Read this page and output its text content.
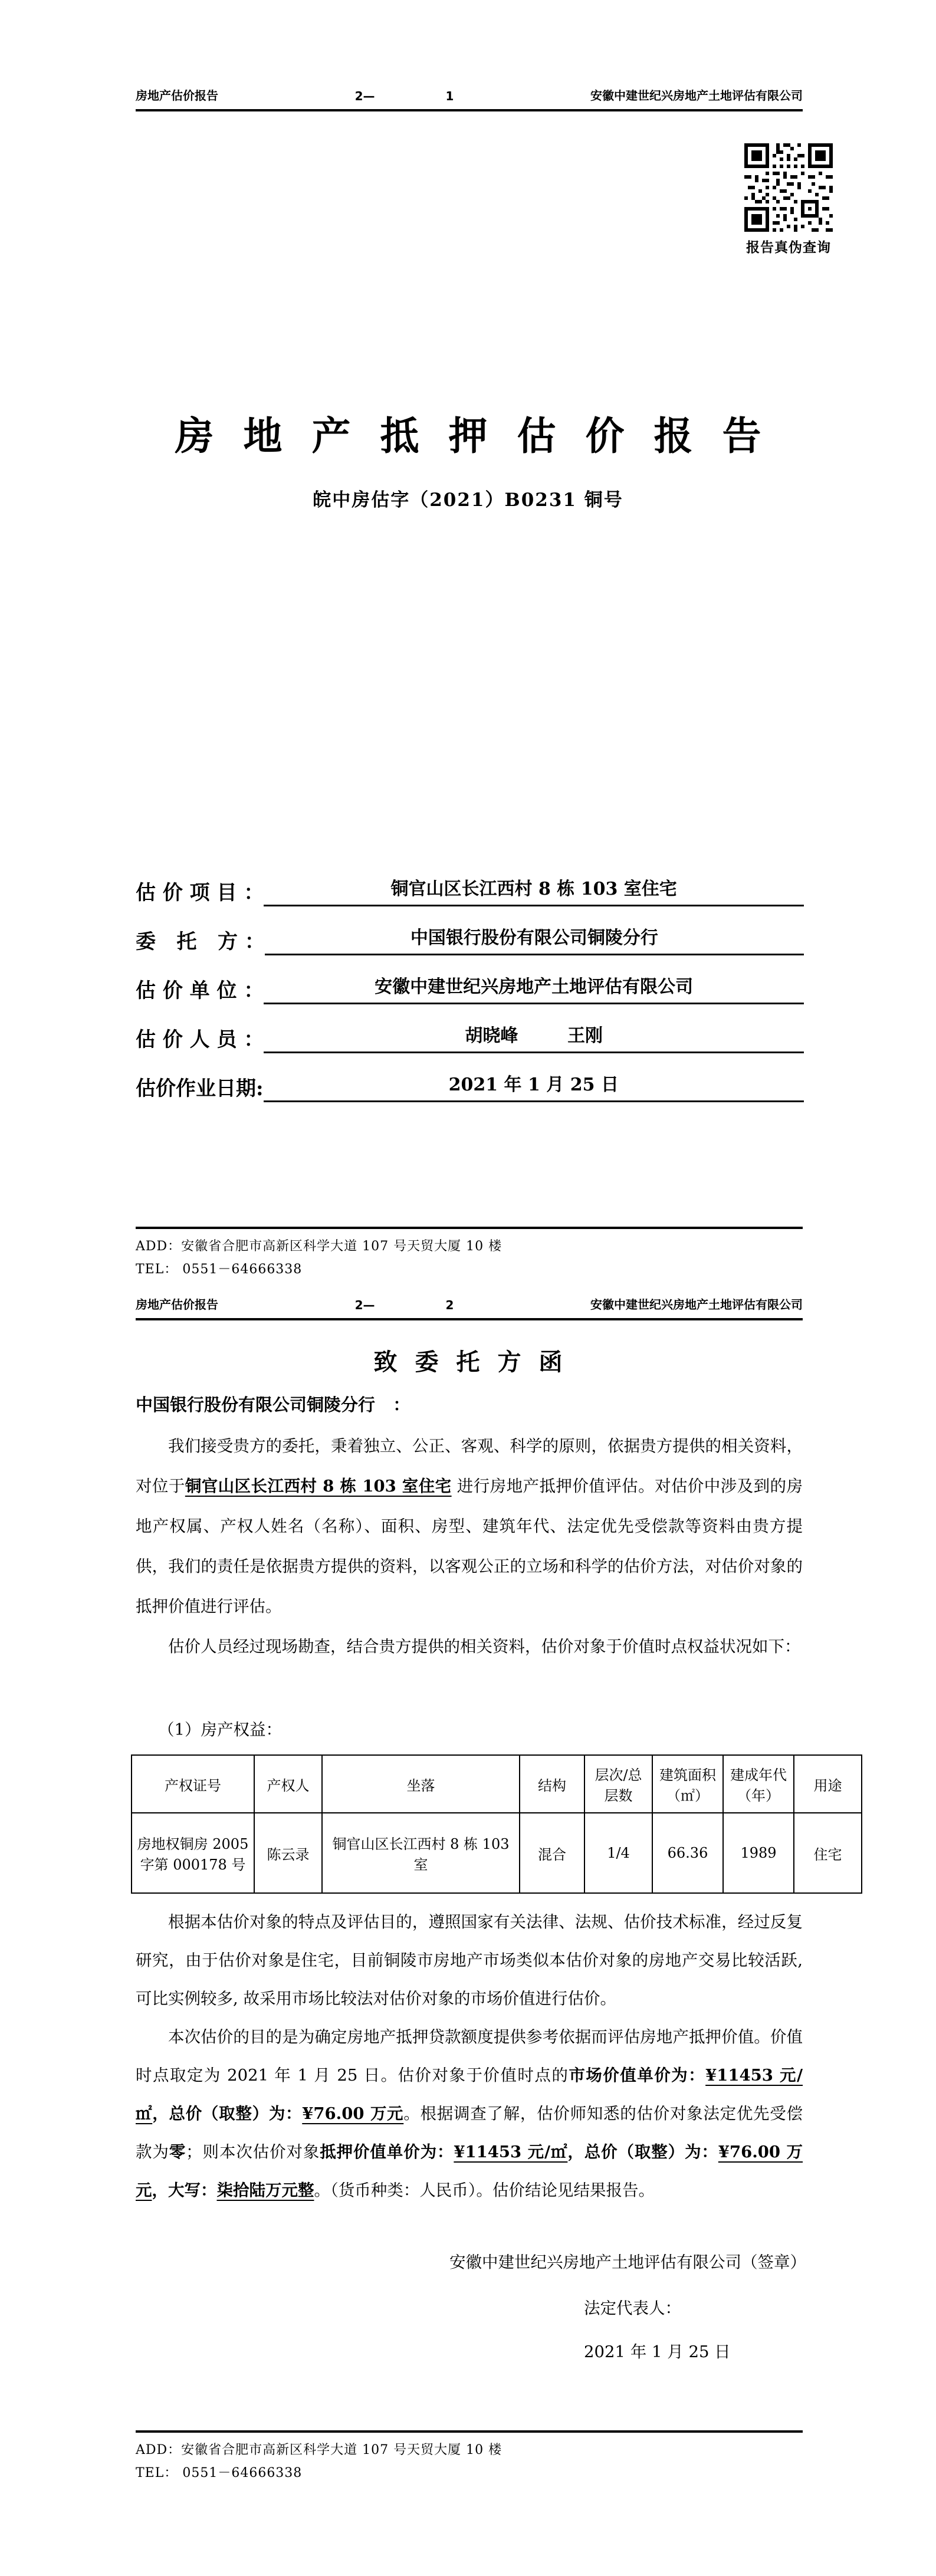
房地产估价报告	2—	1	安徽中建世纪兴房地产土地评估有限公司
报告真伪查询
房地产抵押估价报告
皖中房估字（2021）B0231 铜号
估 价 项 目 ：	铜官山区长江西村 8 栋 103 室住宅
委   托   方 ：	中国银行股份有限公司铜陵分行
估 价 单 位 ：	安徽中建世纪兴房地产土地评估有限公司
估 价 人 员 ：	胡晓峰        王刚
估价作业日期:	2021 年 1 月 25 日
ADD：安徽省合肥市高新区科学大道 107 号天贸大厦 10 楼
TEL： 0551－64666338
房地产估价报告	2—	2	安徽中建世纪兴房地产土地评估有限公司
致委托方函
中国银行股份有限公司铜陵分行   ：

我们接受贵方的委托，秉着独立、公正、客观、科学的原则，依据贵方提供的相关资料，对位于铜官山区长江西村 8 栋 103 室住宅 进行房地产抵押价值评估。对估价中涉及到的房地产权属、产权人姓名（名称）、面积、房型、建筑年代、法定优先受偿款等资料由贵方提供，我们的责任是依据贵方提供的资料，以客观公正的立场和科学的估价方法，对估价对象的抵押价值进行评估。

估价人员经过现场勘查，结合贵方提供的相关资料，估价对象于价值时点权益状况如下：

（1）房产权益：
产权证号	产权人	坐落	结构	层次/总层数	建筑面积（㎡）	建成年代（年）	用途
房地权铜房 2005 字第 000178 号	陈云录	铜官山区长江西村 8 栋 103 室	混合	1/4	66.36	1989	住宅

根据本估价对象的特点及评估目的，遵照国家有关法律、法规、估价技术标准，经过反复研究，由于估价对象是住宅，目前铜陵市房地产市场类似本估价对象的房地产交易比较活跃, 可比实例较多, 故采用市场比较法对估价对象的市场价值进行估价。

本次估价的目的是为确定房地产抵押贷款额度提供参考依据而评估房地产抵押价值。价值时点取定为 2021 年 1 月 25 日。估价对象于价值时点的市场价值单价为：¥11453 元/㎡，总价（取整）为：¥76.00 万元。根据调查了解，估价师知悉的估价对象法定优先受偿款为零；则本次估价对象抵押价值单价为：¥11453 元/㎡，总价（取整）为：¥76.00 万元，大写：柒拾陆万元整。（货币种类：人民币）。估价结论见结果报告。

安徽中建世纪兴房地产土地评估有限公司（签章）
法定代表人：
2021 年 1 月 25 日
ADD：安徽省合肥市高新区科学大道 107 号天贸大厦 10 楼
TEL： 0551－64666338
